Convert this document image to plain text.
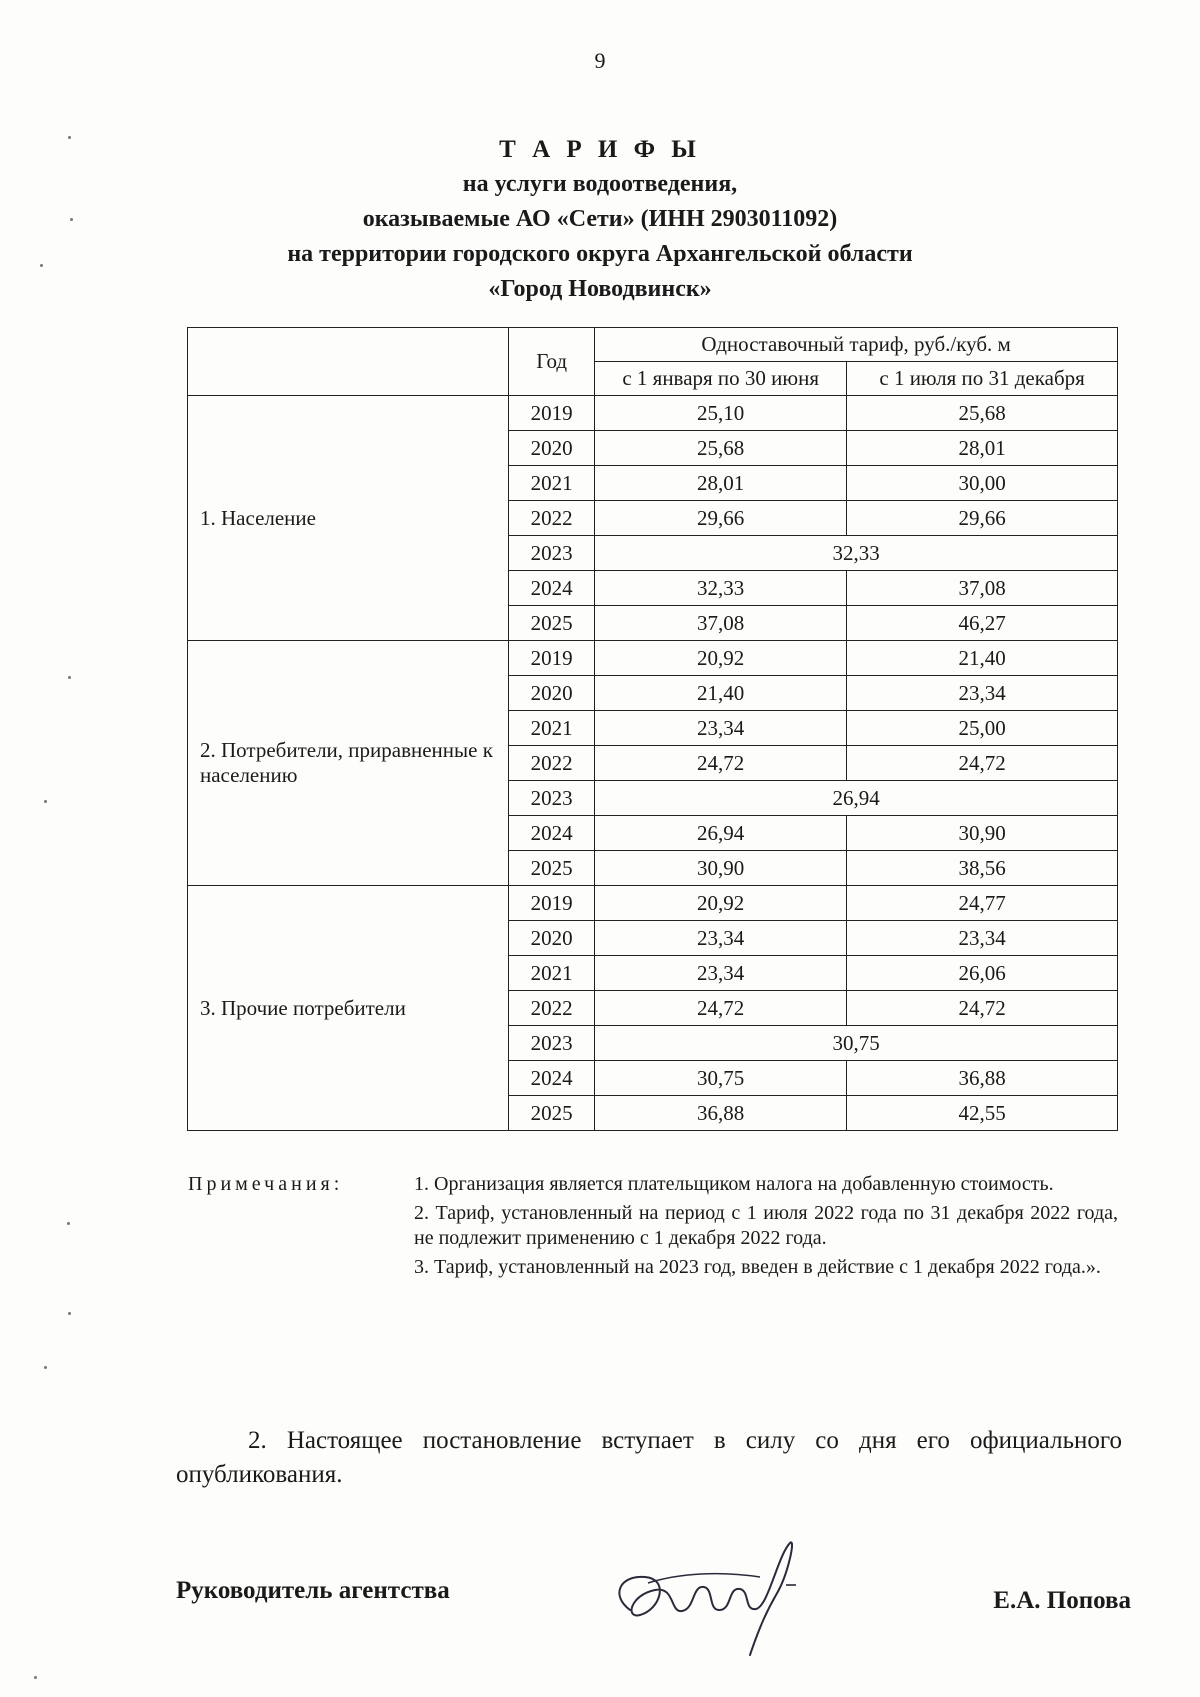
9
Т А Р И Ф Ы
на услуги водоотведения,
оказываемые АО «Сети» (ИНН 2903011092)
на территории городского округа Архангельской области
«Город Новодвинск»
	Год	Одноставочный тариф, руб./куб. м	
		с 1 января по 30 июня	с 1 июля по 31 декабря

1. Население	2019	25,10	25,68
	2020	25,68	28,01
	2021	28,01	30,00
	2022	29,66	29,66
	2023	32,33	
	2024	32,33	37,08
	2025	37,08	46,27

2. Потребители, приравненные к населению	2019	20,92	21,40
	2020	21,40	23,34
	2021	23,34	25,00
	2022	24,72	24,72
	2023	26,94	
	2024	26,94	30,90
	2025	30,90	38,56

3. Прочие потребители	2019	20,92	24,77
	2020	23,34	23,34
	2021	23,34	26,06
	2022	24,72	24,72
	2023	30,75	
	2024	30,75	36,88
	2025	36,88	42,55
Примечания:	1. Организация является плательщиком налога на добавленную стоимость.

2. Тариф, установленный на период с 1 июля 2022 года по 31 декабря 2022 года, не подлежит применению с 1 декабря 2022 года.

3. Тариф, установленный на 2023 год, введен в действие с 1 декабря 2022 года.».

2. Настоящее постановление вступает в силу со дня его официального опубликования.
Руководитель агентства	Е.А. Попова
